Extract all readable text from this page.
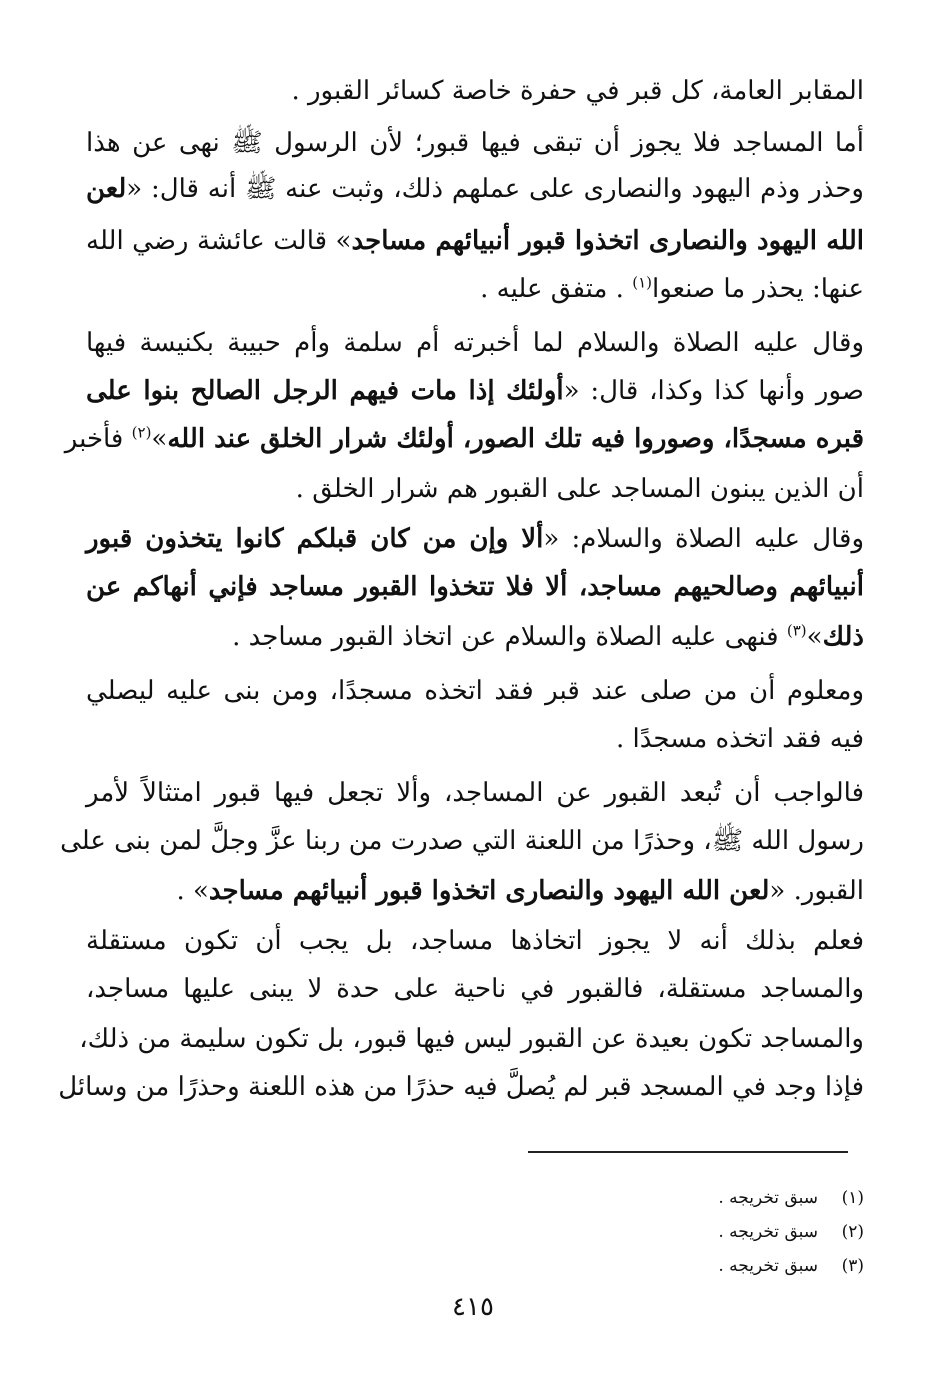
المقابر العامة، كل قبر في حفرة خاصة كسائر القبور .
أما المساجد فلا يجوز أن تبقى فيها قبور؛ لأن الرسول ﷺ نهى عن هذا
وحذر وذم اليهود والنصارى على عملهم ذلك، وثبت عنه ﷺ أنه قال: «لعن
الله اليهود والنصارى اتخذوا قبور أنبيائهم مساجد» قالت عائشة رضي الله
عنها: يحذر ما صنعوا$^{(١)}$ . متفق عليه .
وقال عليه الصلاة والسلام لما أخبرته أم سلمة وأم حبيبة بكنيسة فيها
صور وأنها كذا وكذا، قال: «أولئك إذا مات فيهم الرجل الصالح بنوا على
قبره مسجدًا، وصوروا فيه تلك الصور، أولئك شرار الخلق عند الله»$^{(٢)}$ فأخبر
أن الذين يبنون المساجد على القبور هم شرار الخلق .
وقال عليه الصلاة والسلام: «ألا وإن من كان قبلكم كانوا يتخذون قبور
أنبيائهم وصالحيهم مساجد، ألا فلا تتخذوا القبور مساجد فإني أنهاكم عن
ذلك»$^{(٣)}$ فنهى عليه الصلاة والسلام عن اتخاذ القبور مساجد .
ومعلوم أن من صلى عند قبر فقد اتخذه مسجدًا، ومن بنى عليه ليصلي
فيه فقد اتخذه مسجدًا .
فالواجب أن تُبعد القبور عن المساجد، وألا تجعل فيها قبور امتثالاً لأمر
رسول الله ﷺ، وحذرًا من اللعنة التي صدرت من ربنا عزَّ وجلَّ لمن بنى على
القبور. «لعن الله اليهود والنصارى اتخذوا قبور أنبيائهم مساجد» .
فعلم بذلك أنه لا يجوز اتخاذها مساجد، بل يجب أن تكون مستقلة
والمساجد مستقلة، فالقبور في ناحية على حدة لا يبنى عليها مساجد،
والمساجد تكون بعيدة عن القبور ليس فيها قبور، بل تكون سليمة من ذلك،
فإذا وجد في المسجد قبر لم يُصلَّ فيه حذرًا من هذه اللعنة وحذرًا من وسائل
(١)سبق تخريجه .
(٢)سبق تخريجه .
(٣)سبق تخريجه .
٤١٥
